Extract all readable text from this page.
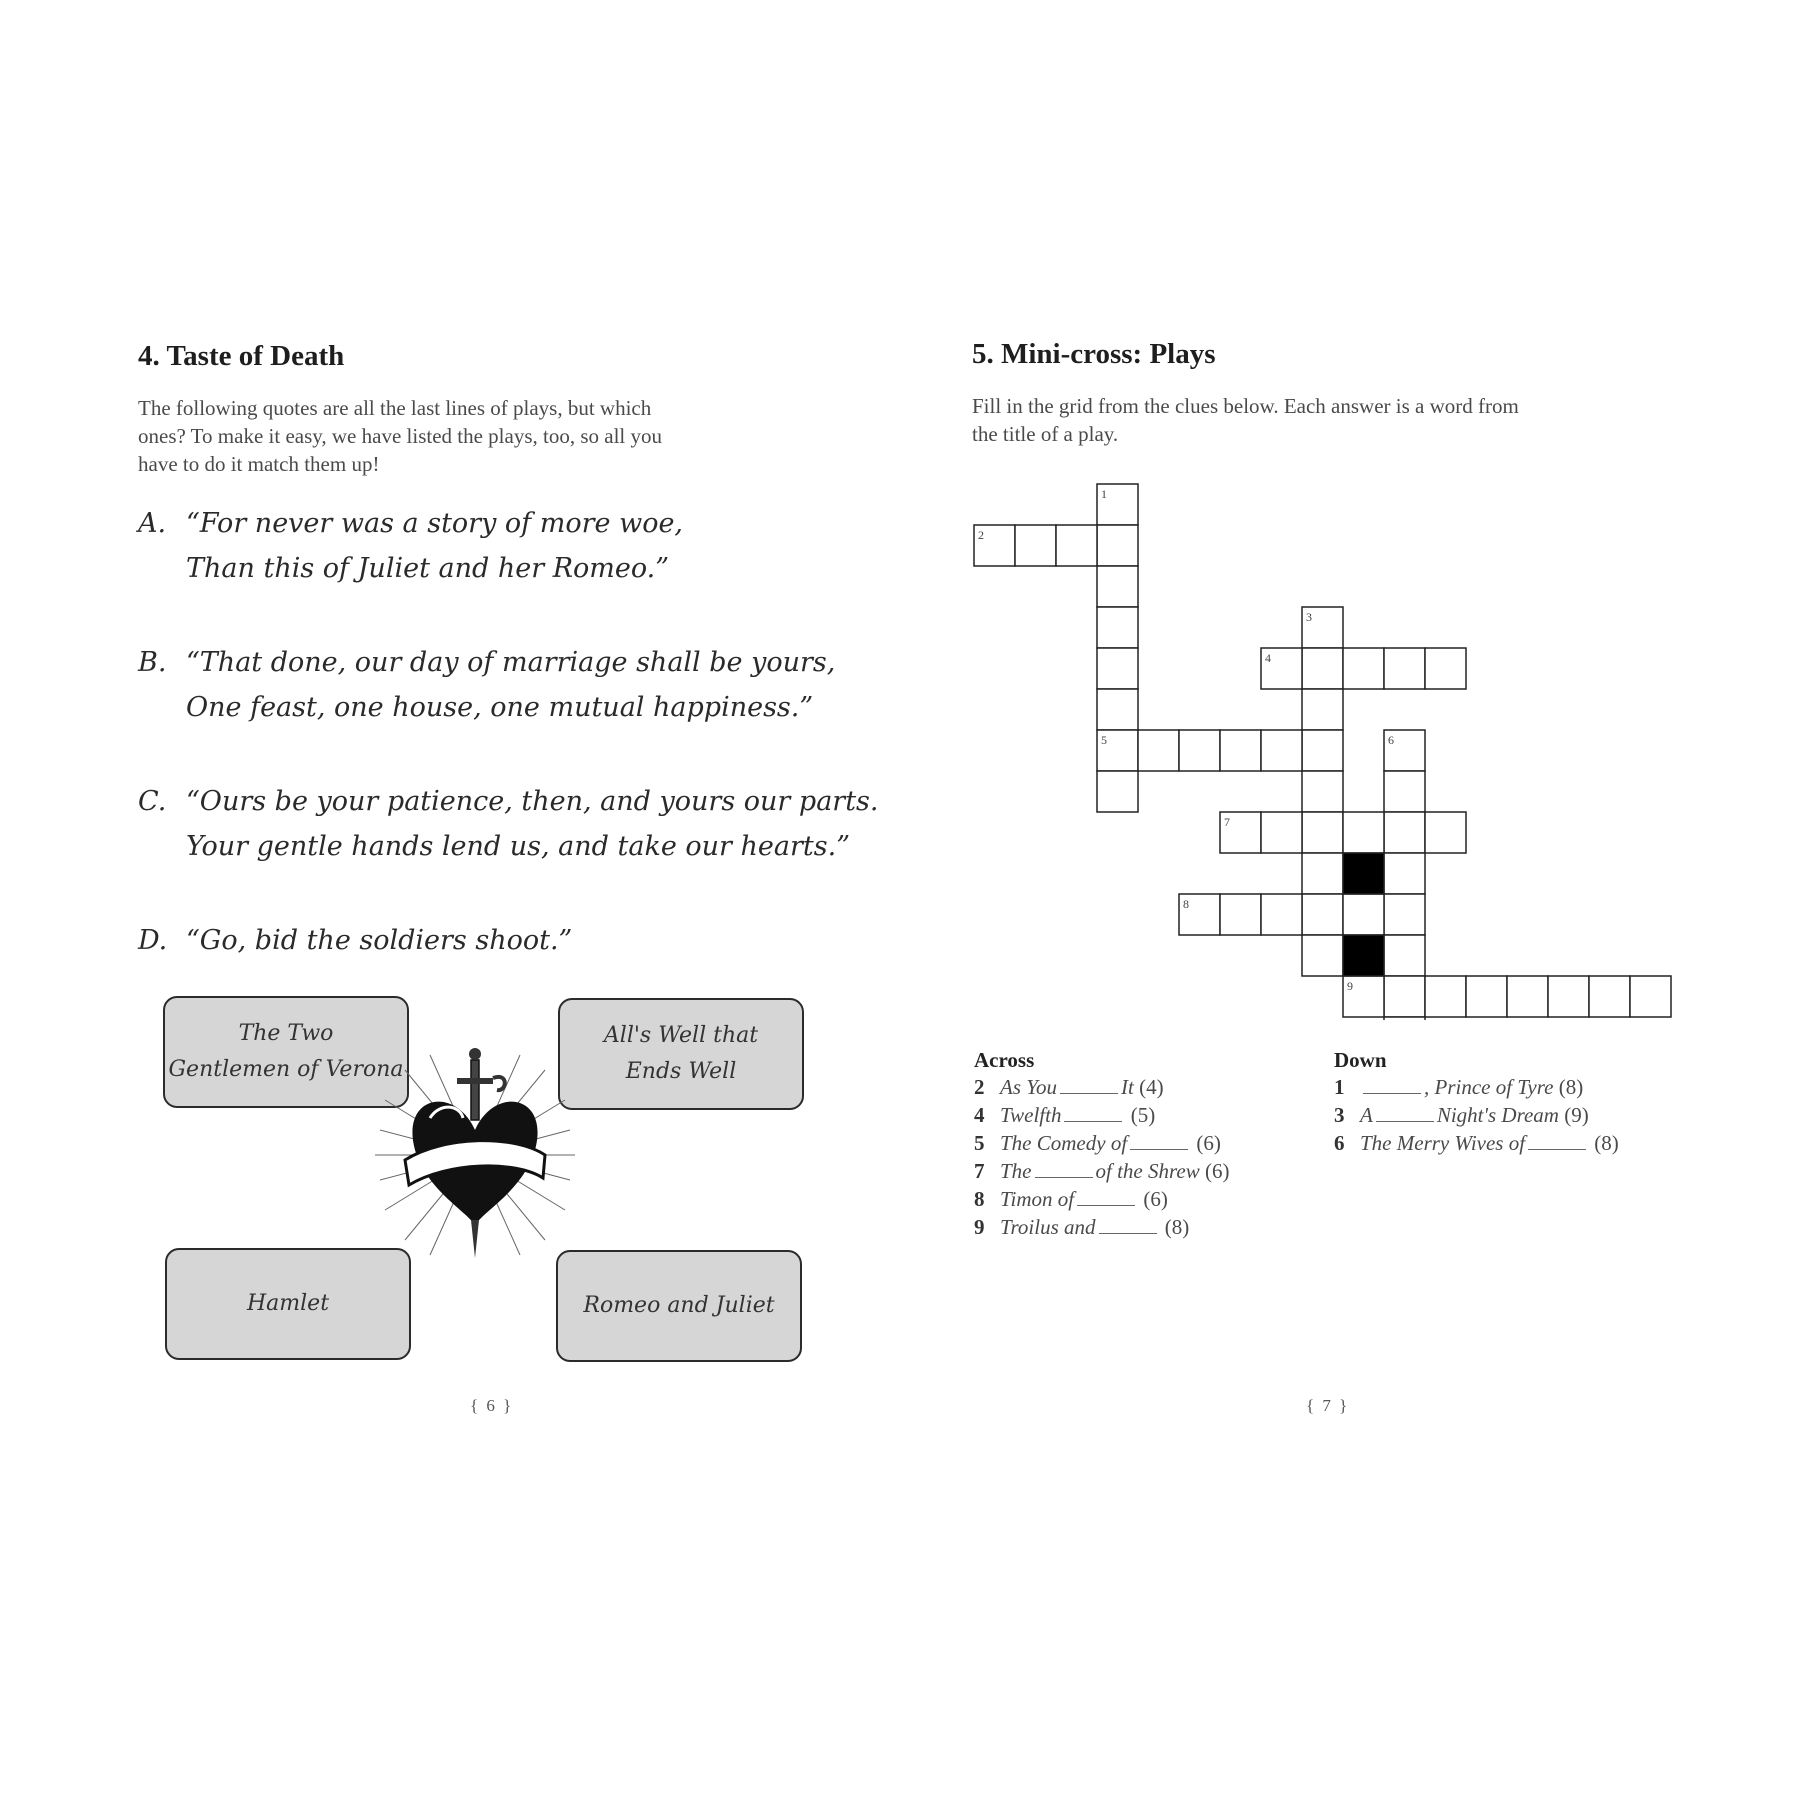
4. Taste of Death
The following quotes are all the last lines of plays, but which
ones? To make it easy, we have listed the plays, too, so all you
have to do it match them up!
A. “For never was a story of more woe,
Than this of Juliet and her Romeo.”
B. “That done, our day of marriage shall be yours,
One feast, one house, one mutual happiness.”
C. “Ours be your patience, then, and yours our parts.
Your gentle hands lend us, and take our hearts.”
D. “Go, bid the soldiers shoot.”
The Two
Gentlemen of Verona
All's Well that
Ends Well
Hamlet	Romeo and Juliet
{ 6 }
5. Mini-cross: Plays
Fill in the grid from the clues below. Each answer is a word from
the title of a play.
1
2
3
4
5	6
7
8
9
Across
2 As You	It (4)
4 Twelfth	(5)
5 The Comedy of	(6)
7 The	of the Shrew (6)
8 Timon of	(6)
9 Troilus and	(8)
Down
1	, Prince of Tyre (8)
3 A	Night's Dream (9)
6 The Merry Wives of	(8)
{ 7 }
